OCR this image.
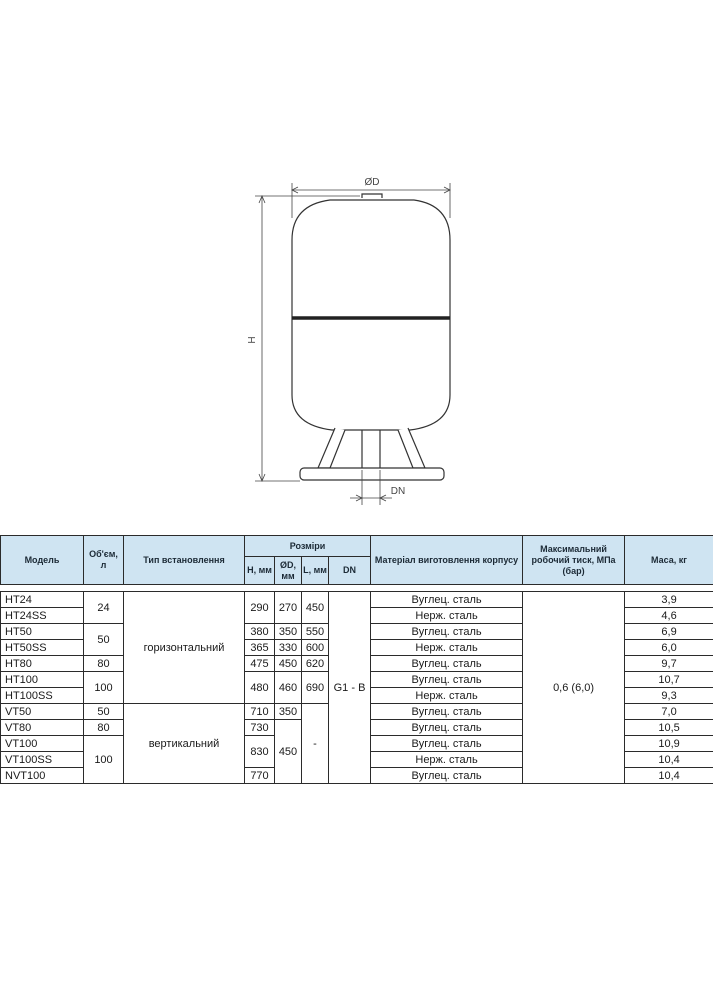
ØD
H
DN
Модель	Об'єм, л	Тип встановлення	Розміри				Матеріал виготовлення корпусу	Максимальний робочий тиск, МПа (бар)	Маса, кг
			H, мм	ØD, мм	L, мм	DN			

HT24	24	горизонтальний	290	270	450	G1 - B	Вуглец. сталь	0,6 (6,0)	3,9
HT24SS							Нерж. сталь		4,6
HT50	50		380	350	550		Вуглец. сталь		6,9
HT50SS			365	330	600		Нерж. сталь		6,0
HT80	80		475	450	620		Вуглец. сталь		9,7
HT100	100		480	460	690		Вуглец. сталь		10,7
HT100SS							Нерж. сталь		9,3
VT50	50	вертикальний	710	350	-		Вуглец. сталь		7,0
VT80	80		730	450			Вуглец. сталь		10,5
VT100	100		830				Вуглец. сталь		10,9
VT100SS							Нерж. сталь		10,4
NVT100			770				Вуглец. сталь		10,4
